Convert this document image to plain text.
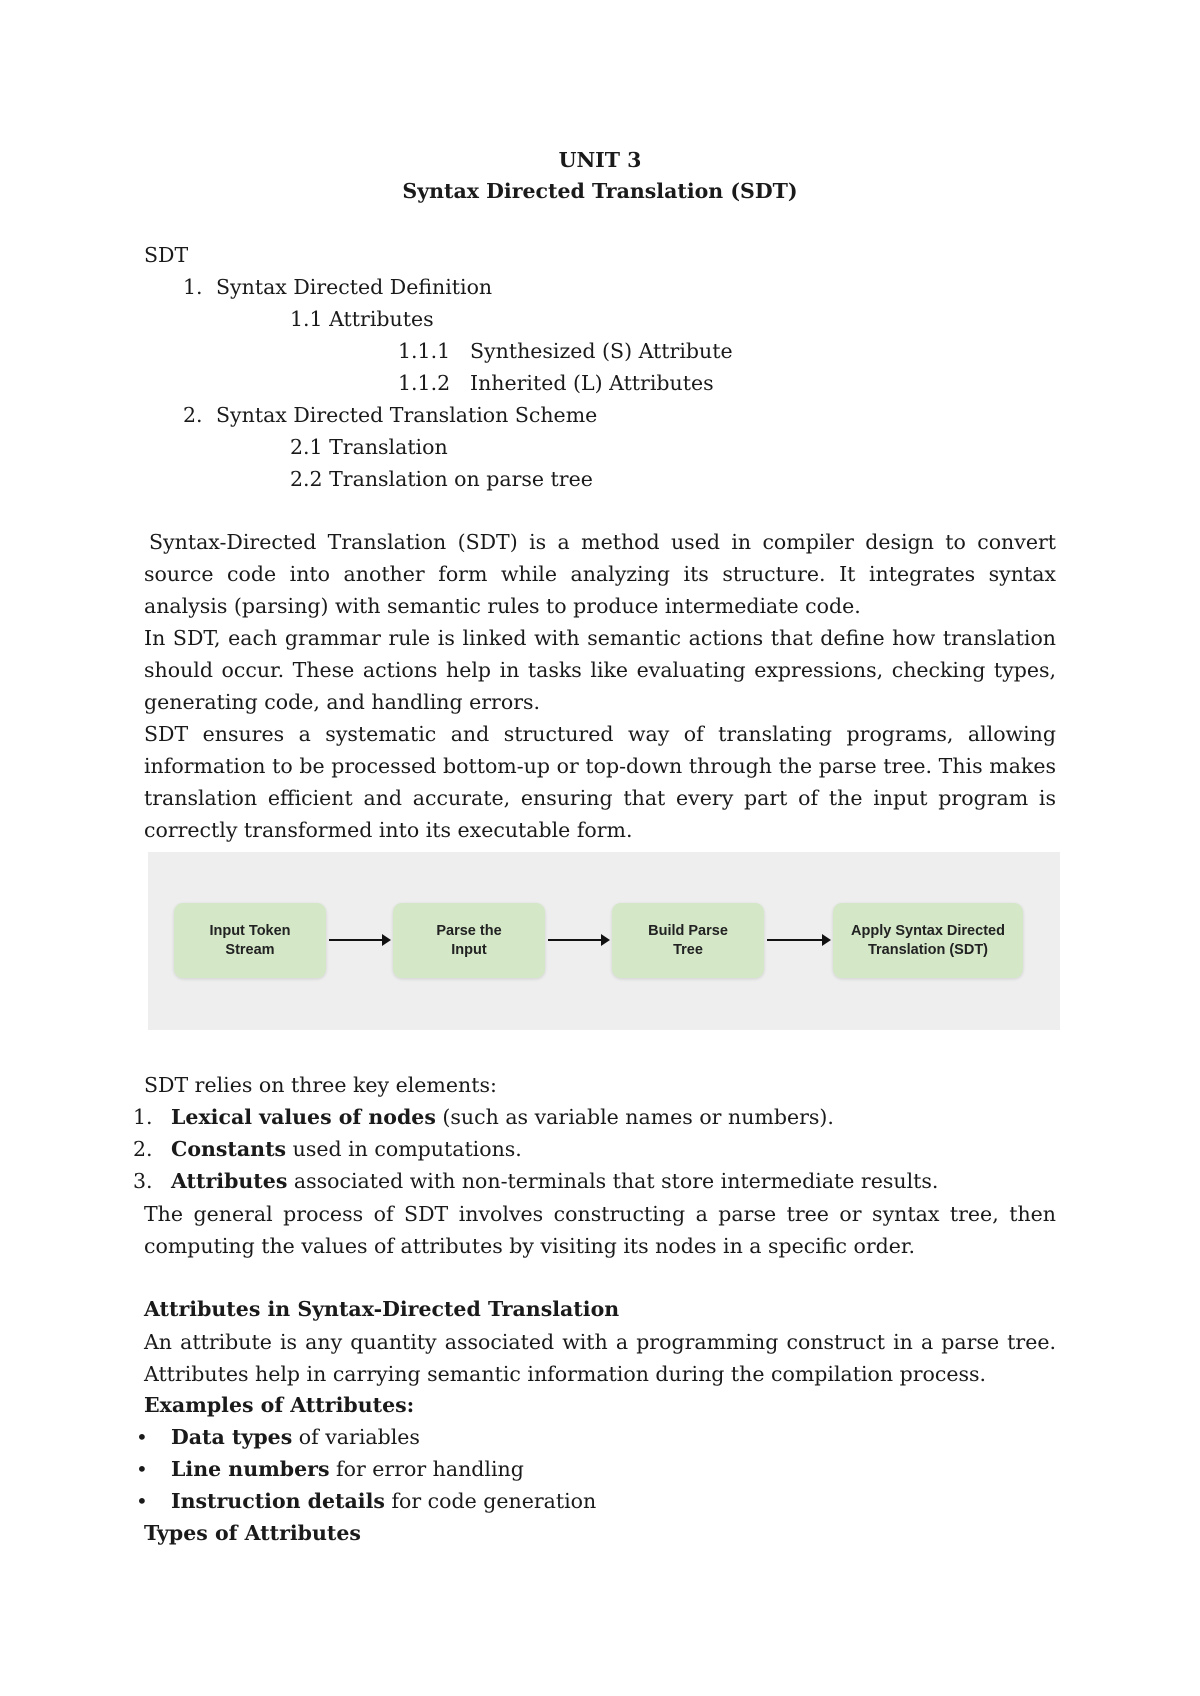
UNIT 3
Syntax Directed Translation (SDT)
SDT
1. Syntax Directed Definition
1.1 Attributes
1.1.1 Synthesized (S) Attribute
1.1.2 Inherited (L) Attributes
2. Syntax Directed Translation Scheme
2.1 Translation
2.2 Translation on parse tree

Syntax-Directed Translation (SDT) is a method used in compiler design to convert source code into another form while analyzing its structure. It integrates syntax analysis (parsing) with semantic rules to produce intermediate code.

In SDT, each grammar rule is linked with semantic actions that define how translation should occur. These actions help in tasks like evaluating expressions, checking types, generating code, and handling errors.

SDT ensures a systematic and structured way of translating programs, allowing information to be processed bottom-up or top-down through the parse tree. This makes translation efficient and accurate, ensuring that every part of the input program is correctly transformed into its executable form.

Input Token
Stream
Parse the
Input
Build Parse
Tree
Apply Syntax Directed
Translation (SDT)
SDT relies on three key elements:
1. Lexical values of nodes (such as variable names or numbers).
2. Constants used in computations.
3. Attributes associated with non-terminals that store intermediate results.

The general process of SDT involves constructing a parse tree or syntax tree, then computing the values of attributes by visiting its nodes in a specific order.

Attributes in Syntax-Directed Translation

An attribute is any quantity associated with a programming construct in a parse tree. Attributes help in carrying semantic information during the compilation process.

Examples of Attributes:
• Data types of variables
• Line numbers for error handling
• Instruction details for code generation
Types of Attributes
